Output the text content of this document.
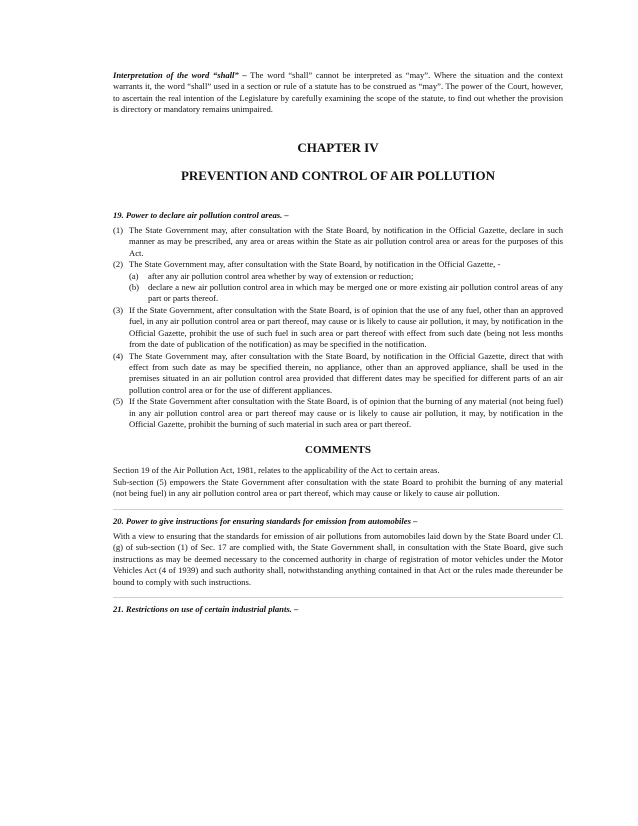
Interpretation of the word “shall” – The word “shall” cannot be interpreted as “may”. Where the situation and the context warrants it, the word “shall” used in a section or rule of a statute has to be construed as “may”. The power of the Court, however, to ascertain the real intention of the Legislature by carefully examining the scope of the statute, to find out whether the provision is directory or mandatory remains unimpaired.

CHAPTER IV
PREVENTION AND CONTROL OF AIR POLLUTION
19. Power to declare air pollution control areas. –
(1) The State Government may, after consultation with the State Board, by notification in the Official Gazette, declare in such manner as may be prescribed, any area or areas within the State as air pollution control area or areas for the purposes of this Act.
(2) The State Government may, after consultation with the State Board, by notification in the Official Gazette, -
(a)	after any air pollution control area whether by way of extension or reduction;
(b)	declare a new air pollution control area in which may be merged one or more existing air pollution control areas of any part or parts thereof.
(3) If the State Government, after consultation with the State Board, is of opinion that the use of any fuel, other than an approved fuel, in any air pollution control area or part thereof, may cause or is likely to cause air pollution, it may, by notification in the Official Gazette, prohibit the use of such fuel in such area or part thereof with effect from such date (being not less months from the date of publication of the notification) as may be specified in the notification.
(4) The State Government may, after consultation with the State Board, by notification in the Official Gazette, direct that with effect from such date as may be specified therein, no appliance, other than an approved appliance, shall be used in the premises situated in an air pollution control area provided that different dates may be specified for different parts of an air pollution control area or for the use of different appliances.
(5) If the State Government after consultation with the State Board, is of opinion that the burning of any material (not being fuel) in any air pollution control area or part thereof may cause or is likely to cause air pollution, it may, by notification in the Official Gazette, prohibit the burning of such material in such area or part thereof.
COMMENTS

Section 19 of the Air Pollution Act, 1981, relates to the applicability of the Act to certain areas.

Sub-section (5) empowers the State Government after consultation with the state Board to prohibit the burning of any material (not being fuel) in any air pollution control area or part thereof, which may cause or likely to cause air pollution.

20. Power to give instructions for ensuring standards for emission from automobiles –

With a view to ensuring that the standards for emission of air pollutions from automobiles laid down by the State Board under Cl. (g) of sub-section (1) of Sec. 17 are complied with, the State Government shall, in consultation with the State Board, give such instructions as may be deemed necessary to the concerned authority in charge of registration of motor vehicles under the Motor Vehicles Act (4 of 1939) and such authority shall, notwithstanding anything contained in that Act or the rules made thereunder be bound to comply with such instructions.

21. Restrictions on use of certain industrial plants. –
